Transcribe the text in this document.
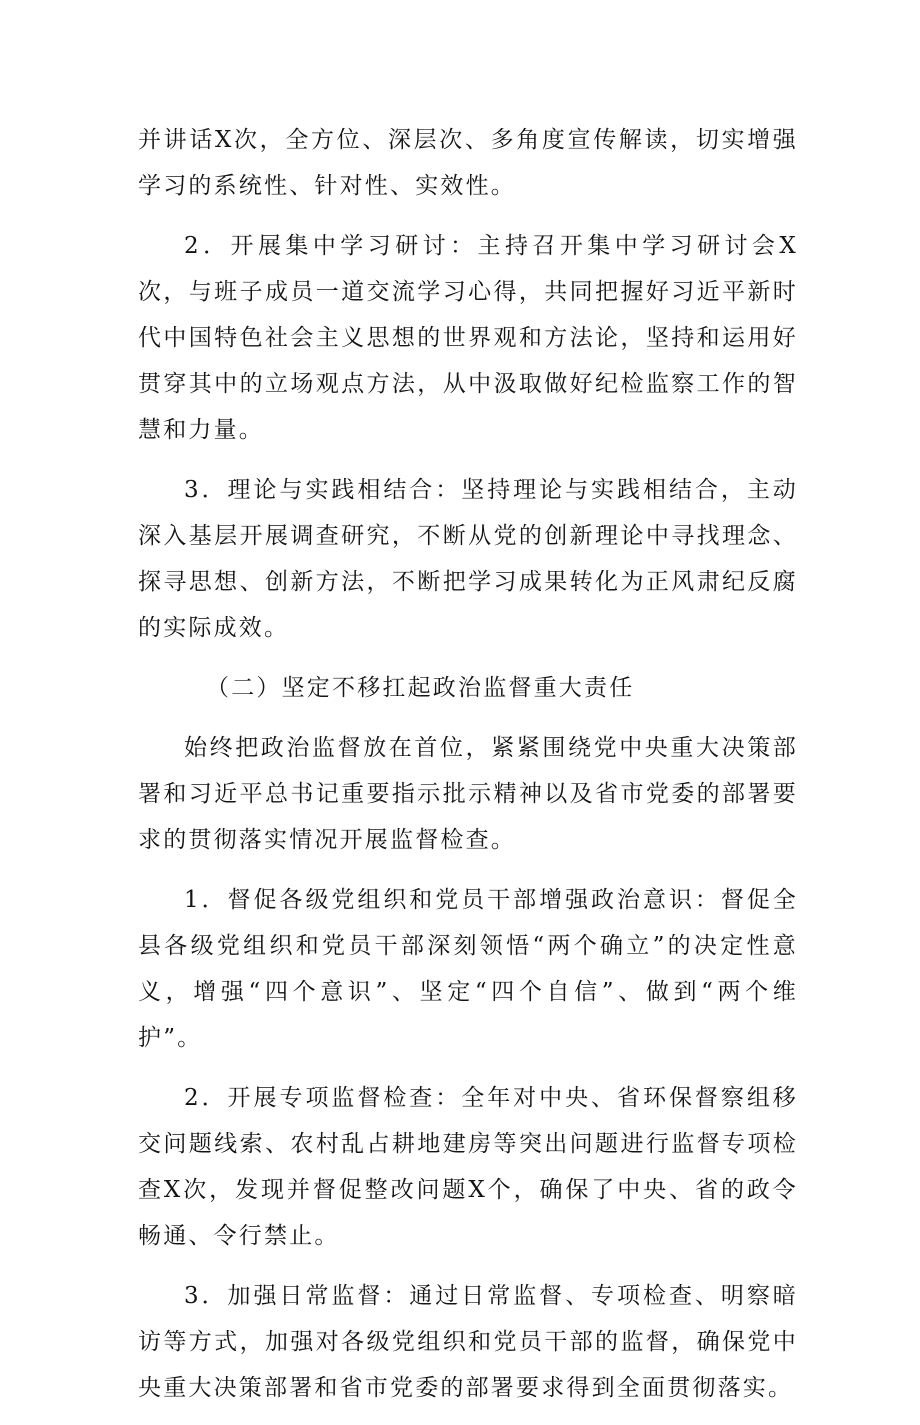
并讲话X次，全方位、深层次、多角度宣传解读，切实增强学习的系统性、针对性、实效性。

2．开展集中学习研讨：主持召开集中学习研讨会X次，与班子成员一道交流学习心得，共同把握好习近平新时代中国特色社会主义思想的世界观和方法论，坚持和运用好贯穿其中的立场观点方法，从中汲取做好纪检监察工作的智慧和力量。

3．理论与实践相结合：坚持理论与实践相结合，主动深入基层开展调查研究，不断从党的创新理论中寻找理念、探寻思想、创新方法，不断把学习成果转化为正风肃纪反腐的实际成效。

（二）坚定不移扛起政治监督重大责任

始终把政治监督放在首位，紧紧围绕党中央重大决策部署和习近平总书记重要指示批示精神以及省市党委的部署要求的贯彻落实情况开展监督检查。

1．督促各级党组织和党员干部增强政治意识：督促全县各级党组织和党员干部深刻领悟“两个确立”的决定性意义，增强“四个意识”、坚定“四个自信”、做到“两个维护”。

2．开展专项监督检查：全年对中央、省环保督察组移交问题线索、农村乱占耕地建房等突出问题进行监督专项检查X次，发现并督促整改问题X个，确保了中央、省的政令畅通、令行禁止。

3．加强日常监督：通过日常监督、专项检查、明察暗访等方式，加强对各级党组织和党员干部的监督，确保党中央重大决策部署和省市党委的部署要求得到全面贯彻落实。
